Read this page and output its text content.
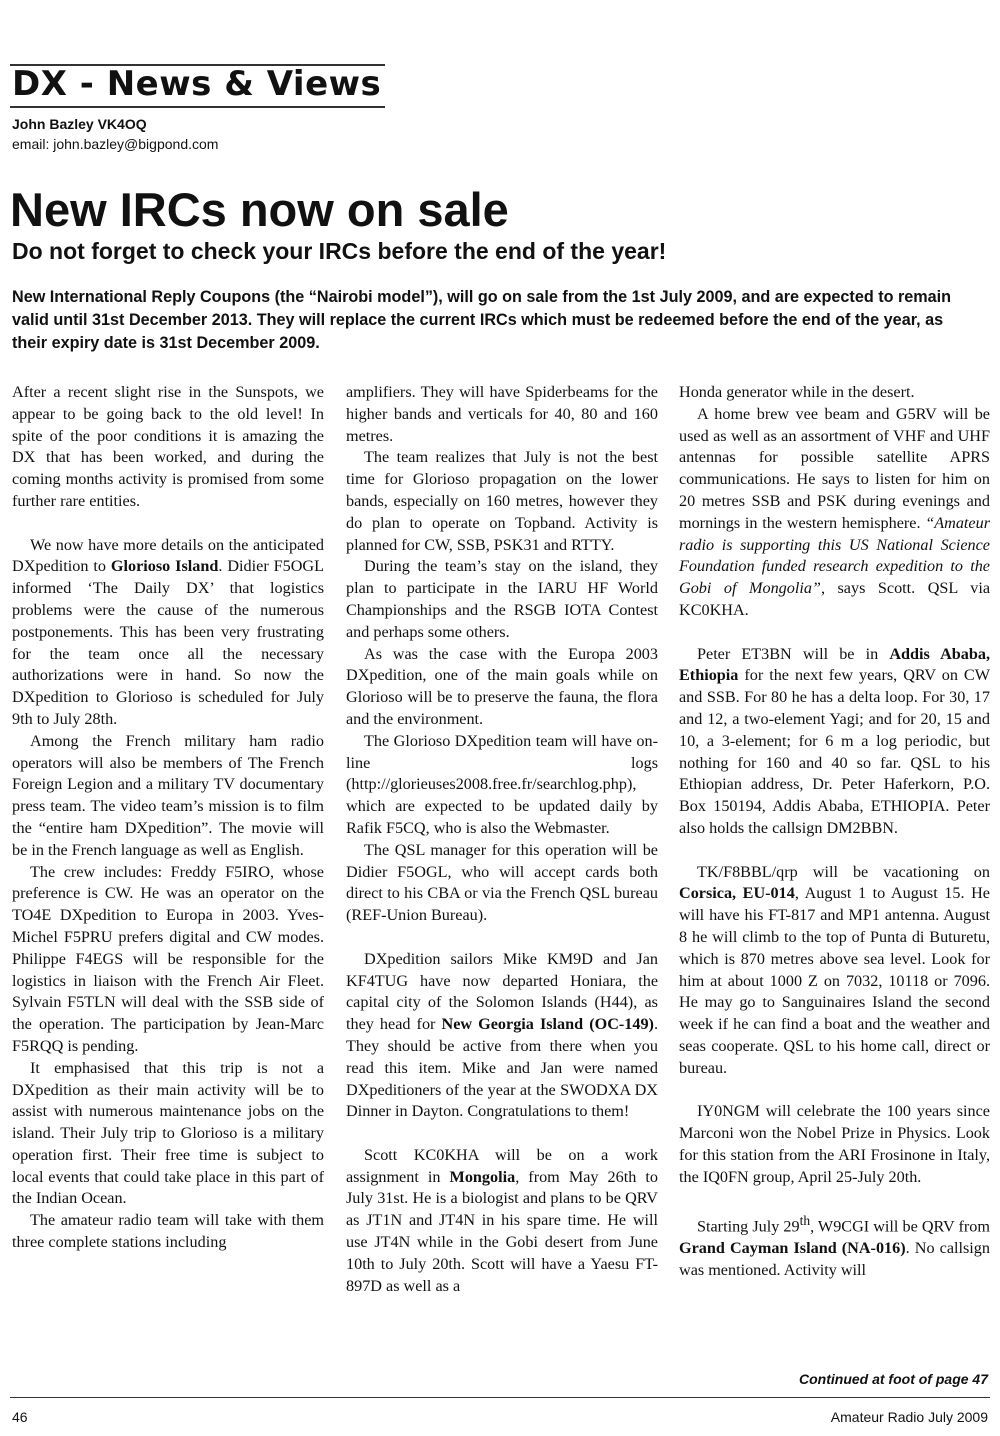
DX - News & Views
John Bazley VK4OQ
email: john.bazley@bigpond.com
New IRCs now on sale
Do not forget to check your IRCs before the end of the year!

New International Reply Coupons (the “Nairobi model”), will go on sale from the 1st July 2009, and are expected to remain valid until 31st December 2013. They will replace the current IRCs which must be redeemed before the end of the year, as their expiry date is 31st December 2009.

After a recent slight rise in the Sunspots, we appear to be going back to the old level! In spite of the poor conditions it is amazing the DX that has been worked, and during the coming months activity is promised from some further rare entities.

We now have more details on the anticipated DXpedition to Glorioso Island. Didier F5OGL informed ‘The Daily DX’ that logistics problems were the cause of the numerous postponements. This has been very frustrating for the team once all the necessary authorizations were in hand. So now the DXpedition to Glorioso is scheduled for July 9th to July 28th.

Among the French military ham radio operators will also be members of The French Foreign Legion and a military TV documentary press team. The video team’s mission is to film the “entire ham DXpedition”. The movie will be in the French language as well as English.

The crew includes: Freddy F5IRO, whose preference is CW. He was an operator on the TO4E DXpedition to Europa in 2003. Yves-Michel F5PRU prefers digital and CW modes. Philippe F4EGS will be responsible for the logistics in liaison with the French Air Fleet. Sylvain F5TLN will deal with the SSB side of the operation. The participation by Jean-Marc F5RQQ is pending.

It emphasised that this trip is not a DXpedition as their main activity will be to assist with numerous maintenance jobs on the island. Their July trip to Glorioso is a military operation first. Their free time is subject to local events that could take place in this part of the Indian Ocean.

The amateur radio team will take with them three complete stations including

amplifiers. They will have Spiderbeams for the higher bands and verticals for 40, 80 and 160 metres.

The team realizes that July is not the best time for Glorioso propagation on the lower bands, especially on 160 metres, however they do plan to operate on Topband. Activity is planned for CW, SSB, PSK31 and RTTY.

During the team’s stay on the island, they plan to participate in the IARU HF World Championships and the RSGB IOTA Contest and perhaps some others.

As was the case with the Europa 2003 DXpedition, one of the main goals while on Glorioso will be to preserve the fauna, the flora and the environment.

The Glorioso DXpedition team will have on-line logs (http://glorieuses2008.free.fr/searchlog.php), which are expected to be updated daily by Rafik F5CQ, who is also the Webmaster.

The QSL manager for this operation will be Didier F5OGL, who will accept cards both direct to his CBA or via the French QSL bureau (REF-Union Bureau).

DXpedition sailors Mike KM9D and Jan KF4TUG have now departed Honiara, the capital city of the Solomon Islands (H44), as they head for New Georgia Island (OC-149). They should be active from there when you read this item. Mike and Jan were named DXpeditioners of the year at the SWODXA DX Dinner in Dayton. Congratulations to them!

Scott KC0KHA will be on a work assignment in Mongolia, from May 26th to July 31st. He is a biologist and plans to be QRV as JT1N and JT4N in his spare time. He will use JT4N while in the Gobi desert from June 10th to July 20th. Scott will have a Yaesu FT-897D as well as a

Honda generator while in the desert.

A home brew vee beam and G5RV will be used as well as an assortment of VHF and UHF antennas for possible satellite APRS communications. He says to listen for him on 20 metres SSB and PSK during evenings and mornings in the western hemisphere. “Amateur radio is supporting this US National Science Foundation funded research expedition to the Gobi of Mongolia”, says Scott. QSL via KC0KHA.

Peter ET3BN will be in Addis Ababa, Ethiopia for the next few years, QRV on CW and SSB. For 80 he has a delta loop. For 30, 17 and 12, a two-element Yagi; and for 20, 15 and 10, a 3-element; for 6 m a log periodic, but nothing for 160 and 40 so far. QSL to his Ethiopian address, Dr. Peter Haferkorn, P.O. Box 150194, Addis Ababa, ETHIOPIA. Peter also holds the callsign DM2BBN.

TK/F8BBL/qrp will be vacationing on Corsica, EU-014, August 1 to August 15. He will have his FT-817 and MP1 antenna. August 8 he will climb to the top of Punta di Buturetu, which is 870 metres above sea level. Look for him at about 1000 Z on 7032, 10118 or 7096. He may go to Sanguinaires Island the second week if he can find a boat and the weather and seas cooperate. QSL to his home call, direct or bureau.

IY0NGM will celebrate the 100 years since Marconi won the Nobel Prize in Physics. Look for this station from the ARI Frosinone in Italy, the IQ0FN group, April 25-July 20th.

Starting July 29th, W9CGI will be QRV from Grand Cayman Island (NA-016). No callsign was mentioned. Activity will

Continued at foot of page 47
46	Amateur Radio July 2009
